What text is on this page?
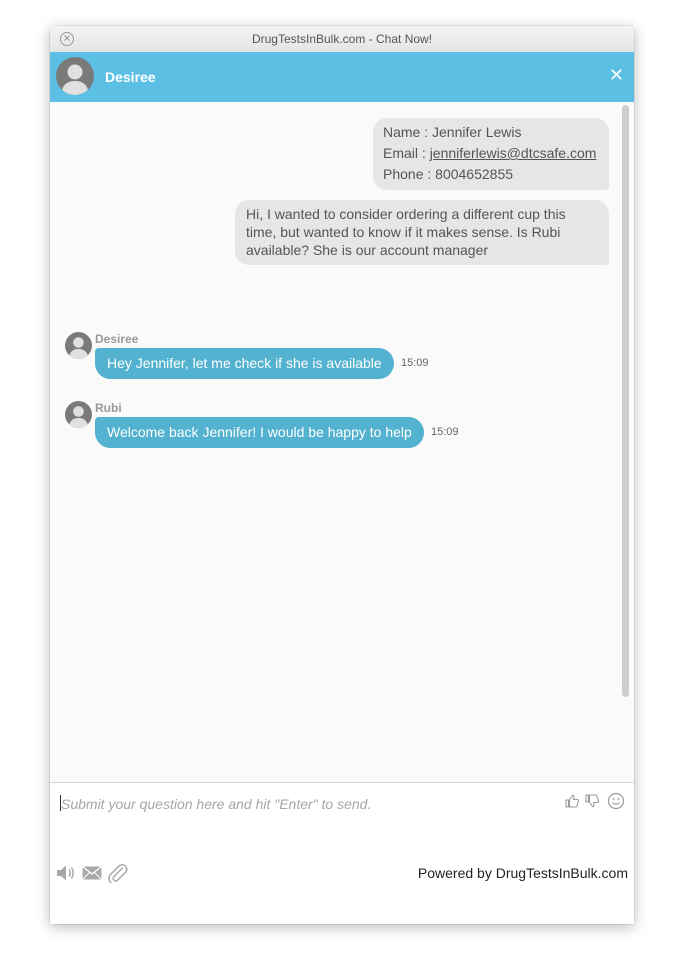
×	DrugTestsInBulk.com - Chat Now!
Desiree	✕
Name : Jennifer Lewis
Email : jenniferlewis@dtcsafe.com
Phone : 8004652855
Hi, I wanted to consider ordering a different cup this time, but wanted to know if it makes sense. Is Rubi available? She is our account manager
Desiree
Hey Jennifer, let me check if she is available	15:09
Rubi
Welcome back Jennifer! I would be happy to help	15:09
Submit your question here and hit "Enter" to send.
Powered by DrugTestsInBulk.com
